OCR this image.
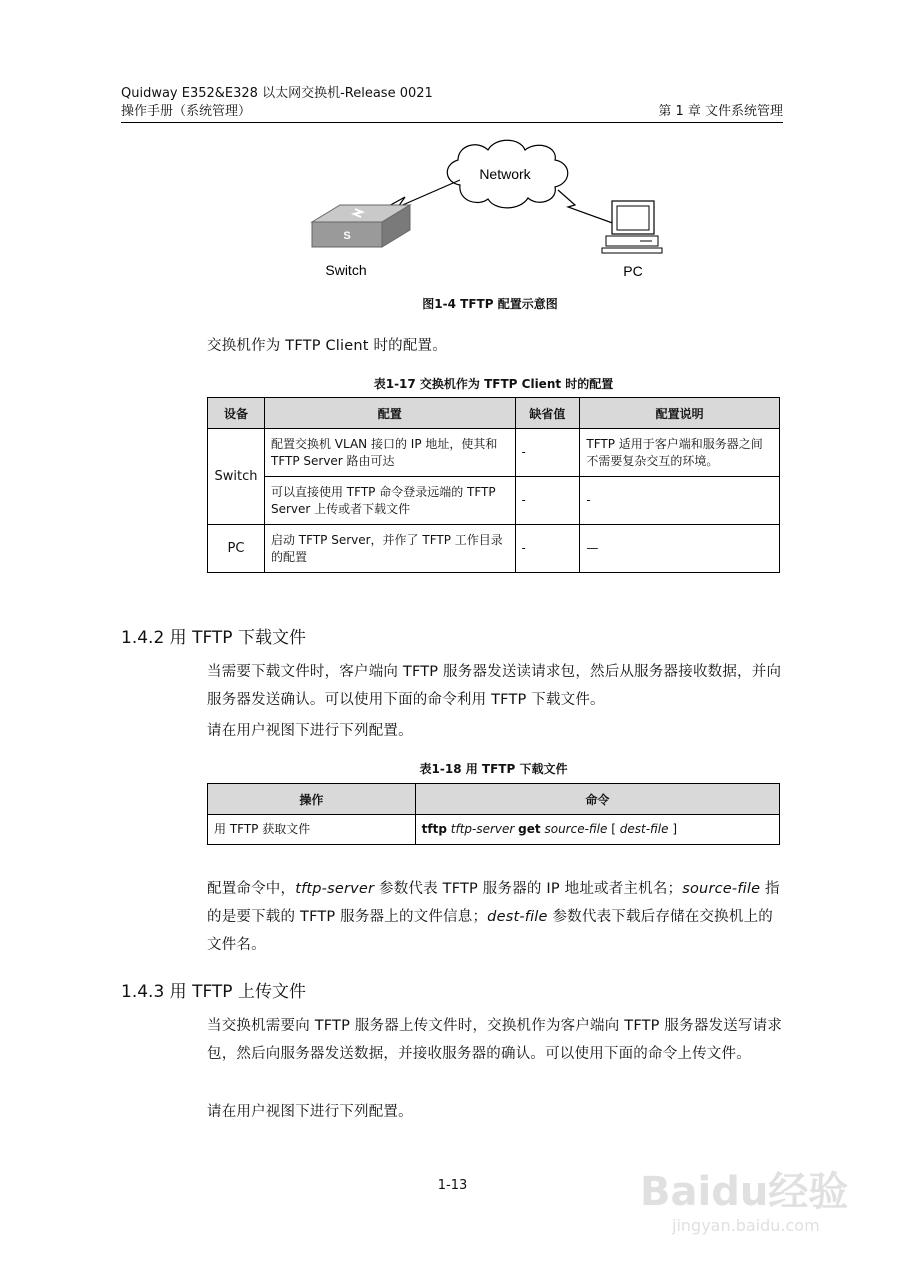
Quidway E352&E328 以太网交换机-Release 0021
操作手册（系统管理）	第 1 章 文件系统管理
Network
S
Switch	PC
图1-4 TFTP 配置示意图
交换机作为 TFTP Client 时的配置。
表1-17 交换机作为 TFTP Client 时的配置
设备	配置	缺省值	配置说明
Switch	配置交换机 VLAN 接口的 IP 地址，使其和 TFTP Server 路由可达	-	TFTP 适用于客户端和服务器之间不需要复杂交互的环境。
	可以直接使用 TFTP 命令登录远端的 TFTP Server 上传或者下载文件	-	-
PC	启动 TFTP Server，并作了 TFTP 工作目录的配置	-	—
1.4.2 用 TFTP 下载文件
当需要下载文件时，客户端向 TFTP 服务器发送读请求包，然后从服务器接收数据，并向服务器发送确认。可以使用下面的命令利用 TFTP 下载文件。
请在用户视图下进行下列配置。
表1-18 用 TFTP 下载文件
操作	命令
用 TFTP 获取文件	tftp tftp-server get source-file [ dest-file ]
配置命令中，tftp-server 参数代表 TFTP 服务器的 IP 地址或者主机名；source-file 指的是要下载的 TFTP 服务器上的文件信息；dest-file 参数代表下载后存储在交换机上的文件名。
1.4.3 用 TFTP 上传文件
当交换机需要向 TFTP 服务器上传文件时，交换机作为客户端向 TFTP 服务器发送写请求包，然后向服务器发送数据，并接收服务器的确认。可以使用下面的命令上传文件。
请在用户视图下进行下列配置。
1-13	Baidu经验
jingyan.baidu.com
